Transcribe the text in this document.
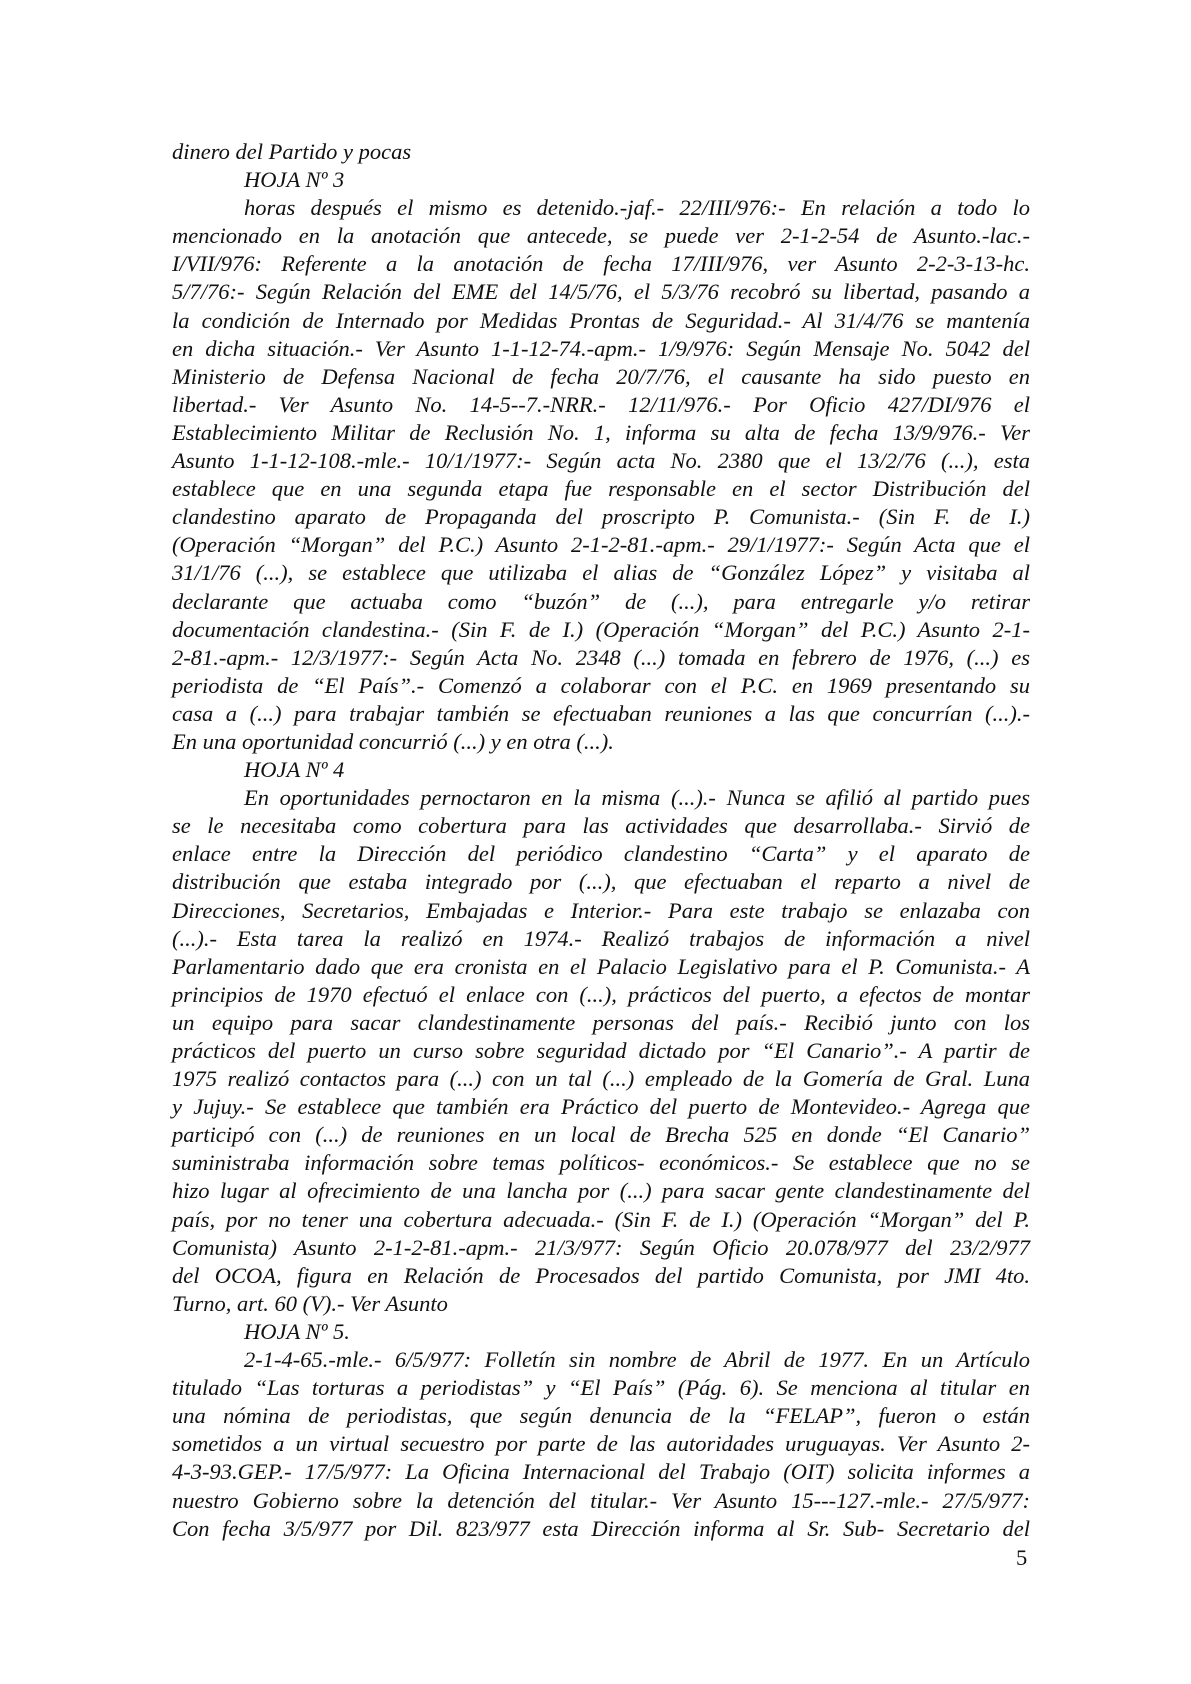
dinero del Partido y pocas
HOJA Nº 3
horas después el mismo es detenido.-jaf.- 22/III/976:- En relación a todo lo
mencionado en la anotación que antecede, se puede ver 2-1-2-54 de Asunto.-lac.-
I/VII/976: Referente a la anotación de fecha 17/III/976, ver Asunto 2-2-3-13-hc.
5/7/76:- Según Relación del EME del 14/5/76, el 5/3/76 recobró su libertad, pasando a
la condición de Internado por Medidas Prontas de Seguridad.- Al 31/4/76 se mantenía
en dicha situación.- Ver Asunto 1-1-12-74.-apm.- 1/9/976: Según Mensaje No. 5042 del
Ministerio de Defensa Nacional de fecha 20/7/76, el causante ha sido puesto en
libertad.- Ver Asunto No. 14-5--7.-NRR.- 12/11/976.- Por Oficio 427/DI/976 el
Establecimiento Militar de Reclusión No. 1, informa su alta de fecha 13/9/976.- Ver
Asunto 1-1-12-108.-mle.- 10/1/1977:- Según acta No. 2380 que el 13/2/76 (...), esta
establece que en una segunda etapa fue responsable en el sector Distribución del
clandestino aparato de Propaganda del proscripto P. Comunista.- (Sin F. de I.)
(Operación “Morgan” del P.C.) Asunto 2-1-2-81.-apm.- 29/1/1977:- Según Acta que el
31/1/76 (...), se establece que utilizaba el alias de “González López” y visitaba al
declarante que actuaba como “buzón” de (...), para entregarle y/o retirar
documentación clandestina.- (Sin F. de I.) (Operación “Morgan” del P.C.) Asunto 2-1-
2-81.-apm.- 12/3/1977:- Según Acta No. 2348 (...) tomada en febrero de 1976, (...) es
periodista de “El País”.- Comenzó a colaborar con el P.C. en 1969 presentando su
casa a (...) para trabajar también se efectuaban reuniones a las que concurrían (...).-
En una oportunidad concurrió (...) y en otra (...).
HOJA Nº 4
En oportunidades pernoctaron en la misma (...).- Nunca se afilió al partido pues
se le necesitaba como cobertura para las actividades que desarrollaba.- Sirvió de
enlace entre la Dirección del periódico clandestino “Carta” y el aparato de
distribución que estaba integrado por (...), que efectuaban el reparto a nivel de
Direcciones, Secretarios, Embajadas e Interior.- Para este trabajo se enlazaba con
(...).- Esta tarea la realizó en 1974.- Realizó trabajos de información a nivel
Parlamentario dado que era cronista en el Palacio Legislativo para el P. Comunista.- A
principios de 1970 efectuó el enlace con (...), prácticos del puerto, a efectos de montar
un equipo para sacar clandestinamente personas del país.- Recibió junto con los
prácticos del puerto un curso sobre seguridad dictado por “El Canario”.- A partir de
1975 realizó contactos para (...) con un tal (...) empleado de la Gomería de Gral. Luna
y Jujuy.- Se establece que también era Práctico del puerto de Montevideo.- Agrega que
participó con (...) de reuniones en un local de Brecha 525 en donde “El Canario”
suministraba información sobre temas políticos- económicos.- Se establece que no se
hizo lugar al ofrecimiento de una lancha por (...) para sacar gente clandestinamente del
país, por no tener una cobertura adecuada.- (Sin F. de I.) (Operación “Morgan” del P.
Comunista) Asunto 2-1-2-81.-apm.- 21/3/977: Según Oficio 20.078/977 del 23/2/977
del OCOA, figura en Relación de Procesados del partido Comunista, por JMI 4to.
Turno, art. 60 (V).- Ver Asunto
HOJA Nº 5.
2-1-4-65.-mle.- 6/5/977: Folletín sin nombre de Abril de 1977. En un Artículo
titulado “Las torturas a periodistas” y “El País” (Pág. 6). Se menciona al titular en
una nómina de periodistas, que según denuncia de la “FELAP”, fueron o están
sometidos a un virtual secuestro por parte de las autoridades uruguayas. Ver Asunto 2-
4-3-93.GEP.- 17/5/977: La Oficina Internacional del Trabajo (OIT) solicita informes a
nuestro Gobierno sobre la detención del titular.- Ver Asunto 15---127.-mle.- 27/5/977:
Con fecha 3/5/977 por Dil. 823/977 esta Dirección informa al Sr. Sub- Secretario del
5
